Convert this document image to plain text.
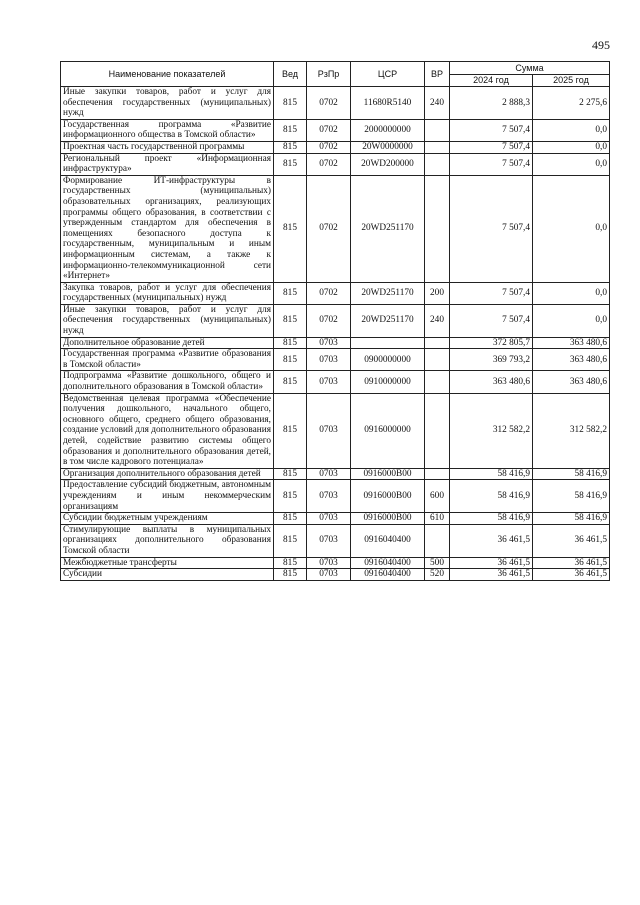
495
Наименование показателей	Вед	РзПр	ЦСР	ВР	Сумма	
					2024 год	2025 год
Иные закупки товаров, работ и услуг для обеспечения государственных (муниципальных) нужд	815	0702	11680R5140	240	2 888,3	2 275,6
Государственная программа «Развитие информационного общества в Томской области»	815	0702	2000000000		7 507,4	0,0
Проектная часть государственной программы	815	0702	20W0000000		7 507,4	0,0
Региональный проект «Информационная инфраструктура»	815	0702	20WD200000		7 507,4	0,0
Формирование ИТ-инфраструктуры в государственных (муниципальных) образовательных организациях, реализующих программы общего образования, в соответствии с утвержденным стандартом для обеспечения в помещениях безопасного доступа к государственным, муниципальным и иным информационным системам, а также к информационно-телекоммуникационной сети «Интернет»	815	0702	20WD251170		7 507,4	0,0
Закупка товаров, работ и услуг для обеспечения государственных (муниципальных) нужд	815	0702	20WD251170	200	7 507,4	0,0
Иные закупки товаров, работ и услуг для обеспечения государственных (муниципальных) нужд	815	0702	20WD251170	240	7 507,4	0,0
Дополнительное образование детей	815	0703			372 805,7	363 480,6
Государственная программа «Развитие образования в Томской области»	815	0703	0900000000		369 793,2	363 480,6
Подпрограмма «Развитие дошкольного, общего и дополнительного образования в Томской области»	815	0703	0910000000		363 480,6	363 480,6
Ведомственная целевая программа «Обеспечение получения дошкольного, начального общего, основного общего, среднего общего образования, создание условий для дополнительного образования детей, содействие развитию системы общего образования и дополнительного образования детей, в том числе кадрового потенциала»	815	0703	0916000000		312 582,2	312 582,2
Организация дополнительного образования детей	815	0703	0916000B00		58 416,9	58 416,9
Предоставление субсидий бюджетным, автономным учреждениям и иным некоммерческим организациям	815	0703	0916000B00	600	58 416,9	58 416,9
Субсидии бюджетным учреждениям	815	0703	0916000B00	610	58 416,9	58 416,9
Стимулирующие выплаты в муниципальных организациях дополнительного образования Томской области	815	0703	0916040400		36 461,5	36 461,5
Межбюджетные трансферты	815	0703	0916040400	500	36 461,5	36 461,5
Субсидии	815	0703	0916040400	520	36 461,5	36 461,5
